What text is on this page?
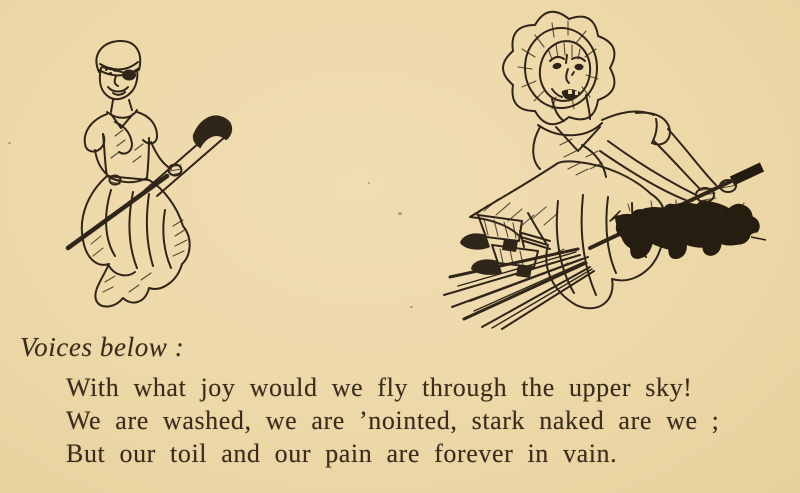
Voices below :
With what joy would we fly through the upper sky!
We are washed, we are ’nointed, stark naked are we ;
But our toil and our pain are forever in vain.
